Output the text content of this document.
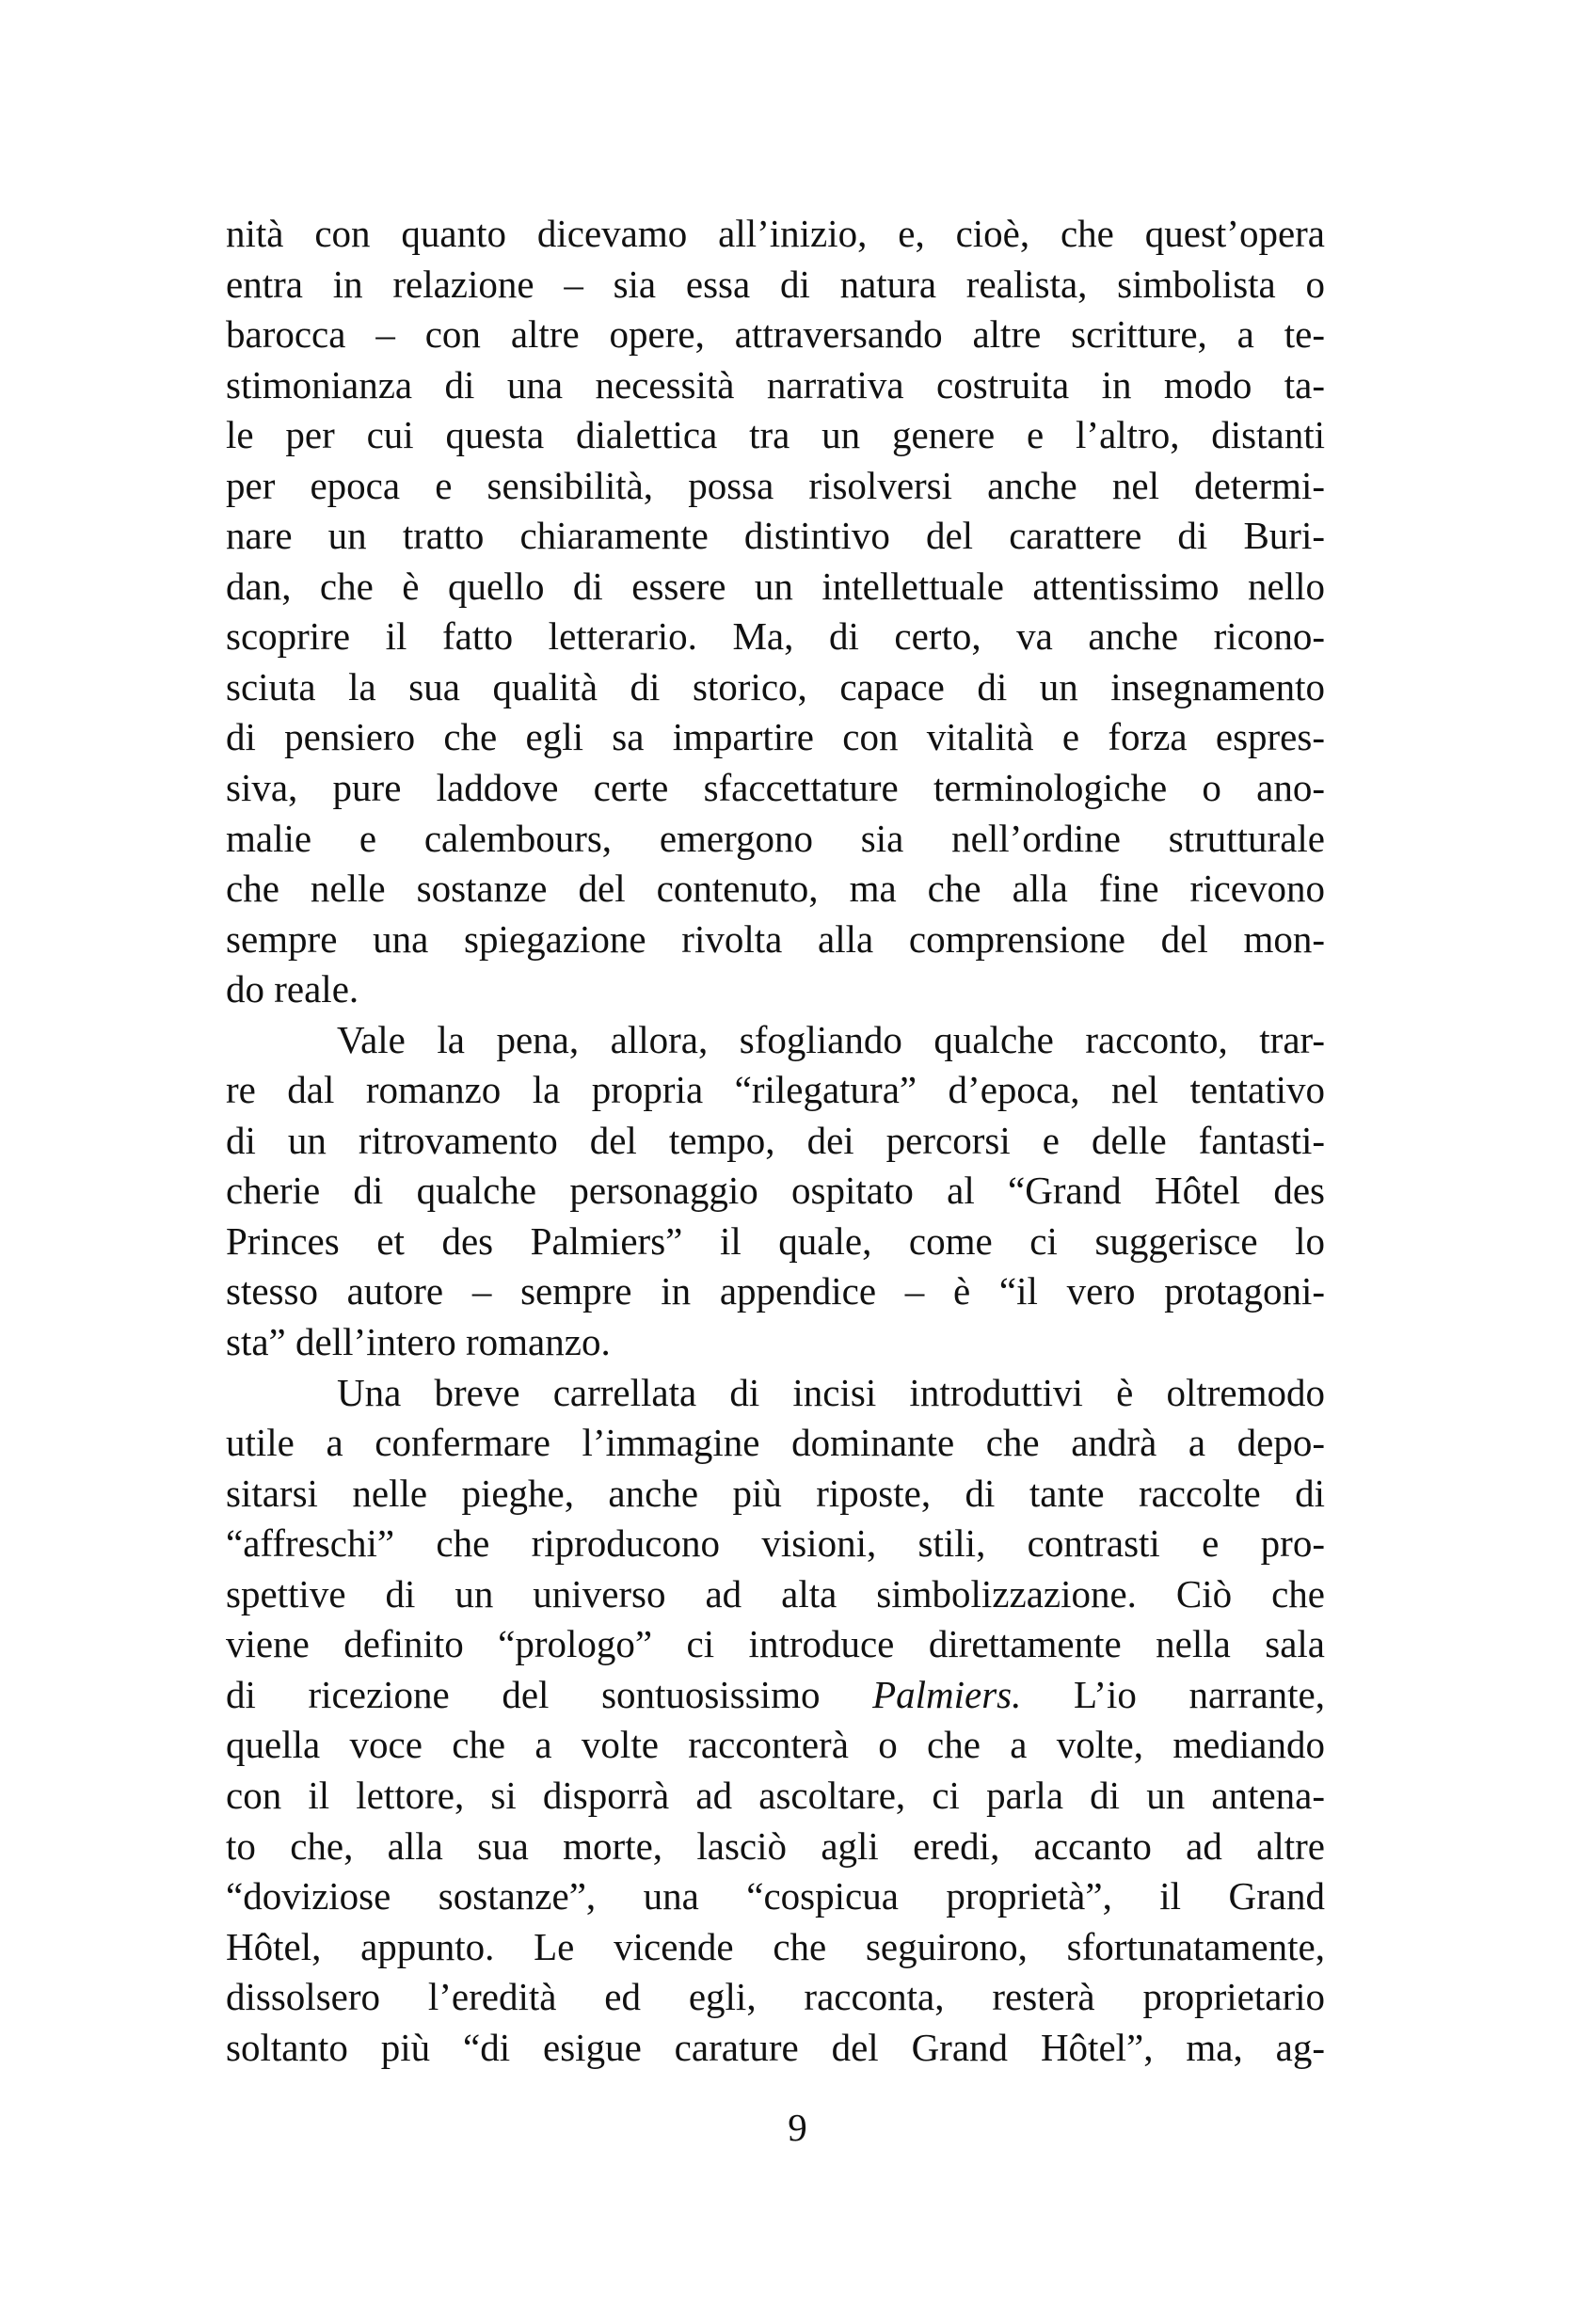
nità con quanto dicevamo all’inizio, e, cioè, che quest’opera
entra in relazione – sia essa di natura realista, simbolista o
barocca – con altre opere, attraversando altre scritture, a te-
stimonianza di una necessità narrativa costruita in modo ta-
le per cui questa dialettica tra un genere e l’altro, distanti
per epoca e sensibilità, possa risolversi anche nel determi-
nare un tratto chiaramente distintivo del carattere di Buri-
dan, che è quello di essere un intellettuale attentissimo nello
scoprire il fatto letterario. Ma, di certo, va anche ricono-
sciuta la sua qualità di storico, capace di un insegnamento
di pensiero che egli sa impartire con vitalità e forza espres-
siva, pure laddove certe sfaccettature terminologiche o ano-
malie e calembours, emergono sia nell’ordine strutturale
che nelle sostanze del contenuto, ma che alla fine ricevono
sempre una spiegazione rivolta alla comprensione del mon-
do reale.
Vale la pena, allora, sfogliando qualche racconto, trar-
re dal romanzo la propria “rilegatura” d’epoca, nel tentativo
di un ritrovamento del tempo, dei percorsi e delle fantasti-
cherie di qualche personaggio ospitato al “Grand Hôtel des
Princes et des Palmiers” il quale, come ci suggerisce lo
stesso autore – sempre in appendice – è “il vero protagoni-
sta” dell’intero romanzo.
Una breve carrellata di incisi introduttivi è oltremodo
utile a confermare l’immagine dominante che andrà a depo-
sitarsi nelle pieghe, anche più riposte, di tante raccolte di
“affreschi” che riproducono visioni, stili, contrasti e pro-
spettive di un universo ad alta simbolizzazione. Ciò che
viene definito “prologo” ci introduce direttamente nella sala
di ricezione del sontuosissimo Palmiers. L’io narrante,
quella voce che a volte racconterà o che a volte, mediando
con il lettore, si disporrà ad ascoltare, ci parla di un antena-
to che, alla sua morte, lasciò agli eredi, accanto ad altre
“doviziose sostanze”, una “cospicua proprietà”, il Grand
Hôtel, appunto. Le vicende che seguirono, sfortunatamente,
dissolsero l’eredità ed egli, racconta, resterà proprietario
soltanto più “di esigue carature del Grand Hôtel”, ma, ag-
9
